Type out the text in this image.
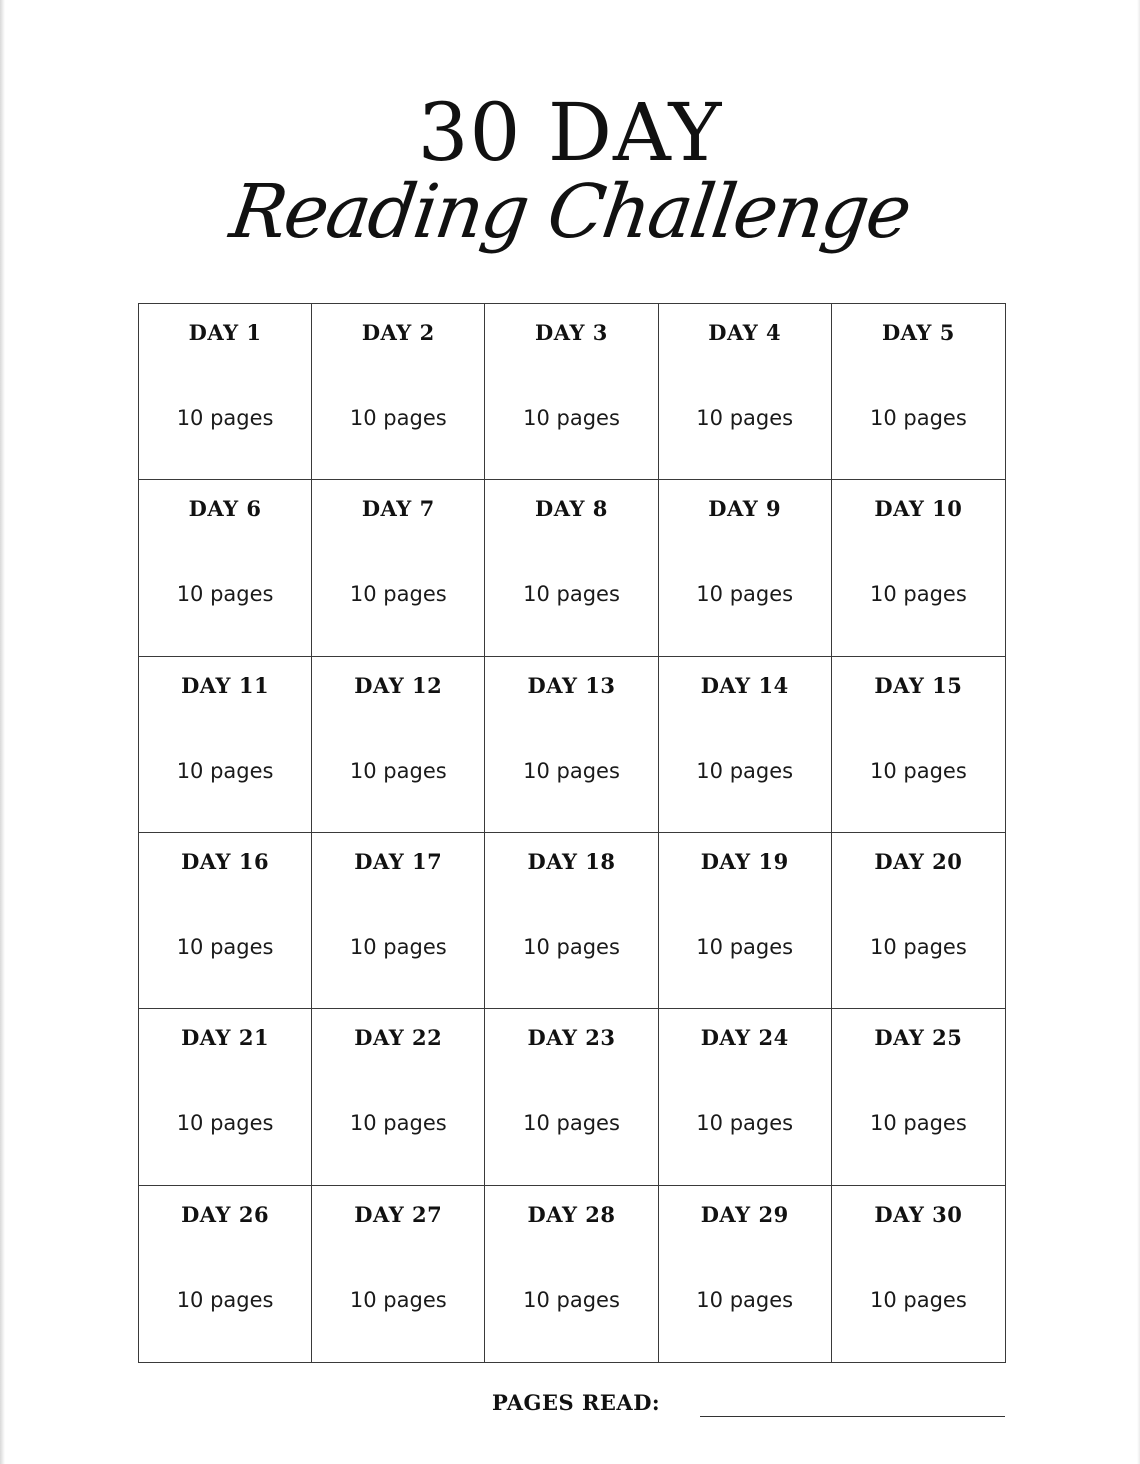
30 DAY
Reading Challenge
DAY 1
10 pages
DAY 2
10 pages
DAY 3
10 pages
DAY 4
10 pages
DAY 5
10 pages
DAY 6
10 pages
DAY 7
10 pages
DAY 8
10 pages
DAY 9
10 pages
DAY 10
10 pages
DAY 11
10 pages
DAY 12
10 pages
DAY 13
10 pages
DAY 14
10 pages
DAY 15
10 pages
DAY 16
10 pages
DAY 17
10 pages
DAY 18
10 pages
DAY 19
10 pages
DAY 20
10 pages
DAY 21
10 pages
DAY 22
10 pages
DAY 23
10 pages
DAY 24
10 pages
DAY 25
10 pages
DAY 26
10 pages
DAY 27
10 pages
DAY 28
10 pages
DAY 29
10 pages
DAY 30
10 pages
PAGES READ:
